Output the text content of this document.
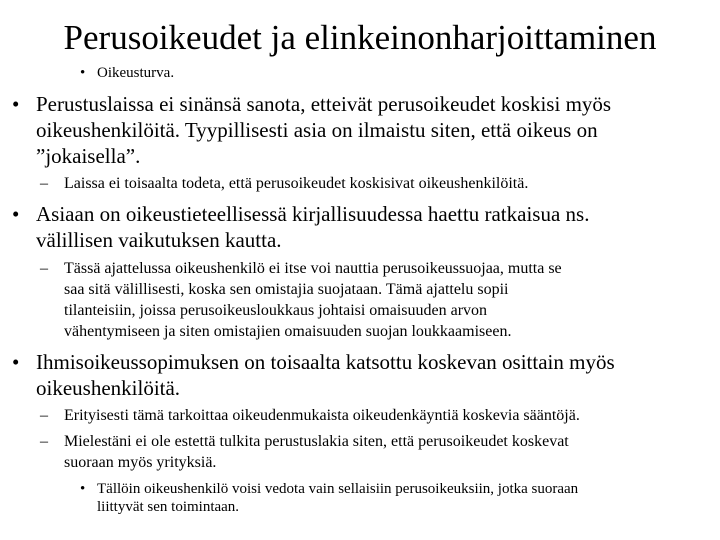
Perusoikeudet ja elinkeinonharjoittaminen
• Oikeusturva.
• Perustuslaissa ei sinänsä sanota, etteivät perusoikeudet koskisi myös
oikeushenkilöitä. Tyypillisesti asia on ilmaistu siten, että oikeus on
”jokaisella”.
– Laissa ei toisaalta todeta, että perusoikeudet koskisivat oikeushenkilöitä.
• Asiaan on oikeustieteellisessä kirjallisuudessa haettu ratkaisua ns.
välillisen vaikutuksen kautta.
– Tässä ajattelussa oikeushenkilö ei itse voi nauttia perusoikeussuojaa, mutta se
saa sitä välillisesti, koska sen omistajia suojataan. Tämä ajattelu sopii
tilanteisiin, joissa perusoikeusloukkaus johtaisi omaisuuden arvon
vähentymiseen ja siten omistajien omaisuuden suojan loukkaamiseen.
• Ihmisoikeussopimuksen on toisaalta katsottu koskevan osittain myös
oikeushenkilöitä.
– Erityisesti tämä tarkoittaa oikeudenmukaista oikeudenkäyntiä koskevia sääntöjä.
– Mielestäni ei ole estettä tulkita perustuslakia siten, että perusoikeudet koskevat
suoraan myös yrityksiä.
• Tällöin oikeushenkilö voisi vedota vain sellaisiin perusoikeuksiin, jotka suoraan
liittyvät sen toimintaan.
